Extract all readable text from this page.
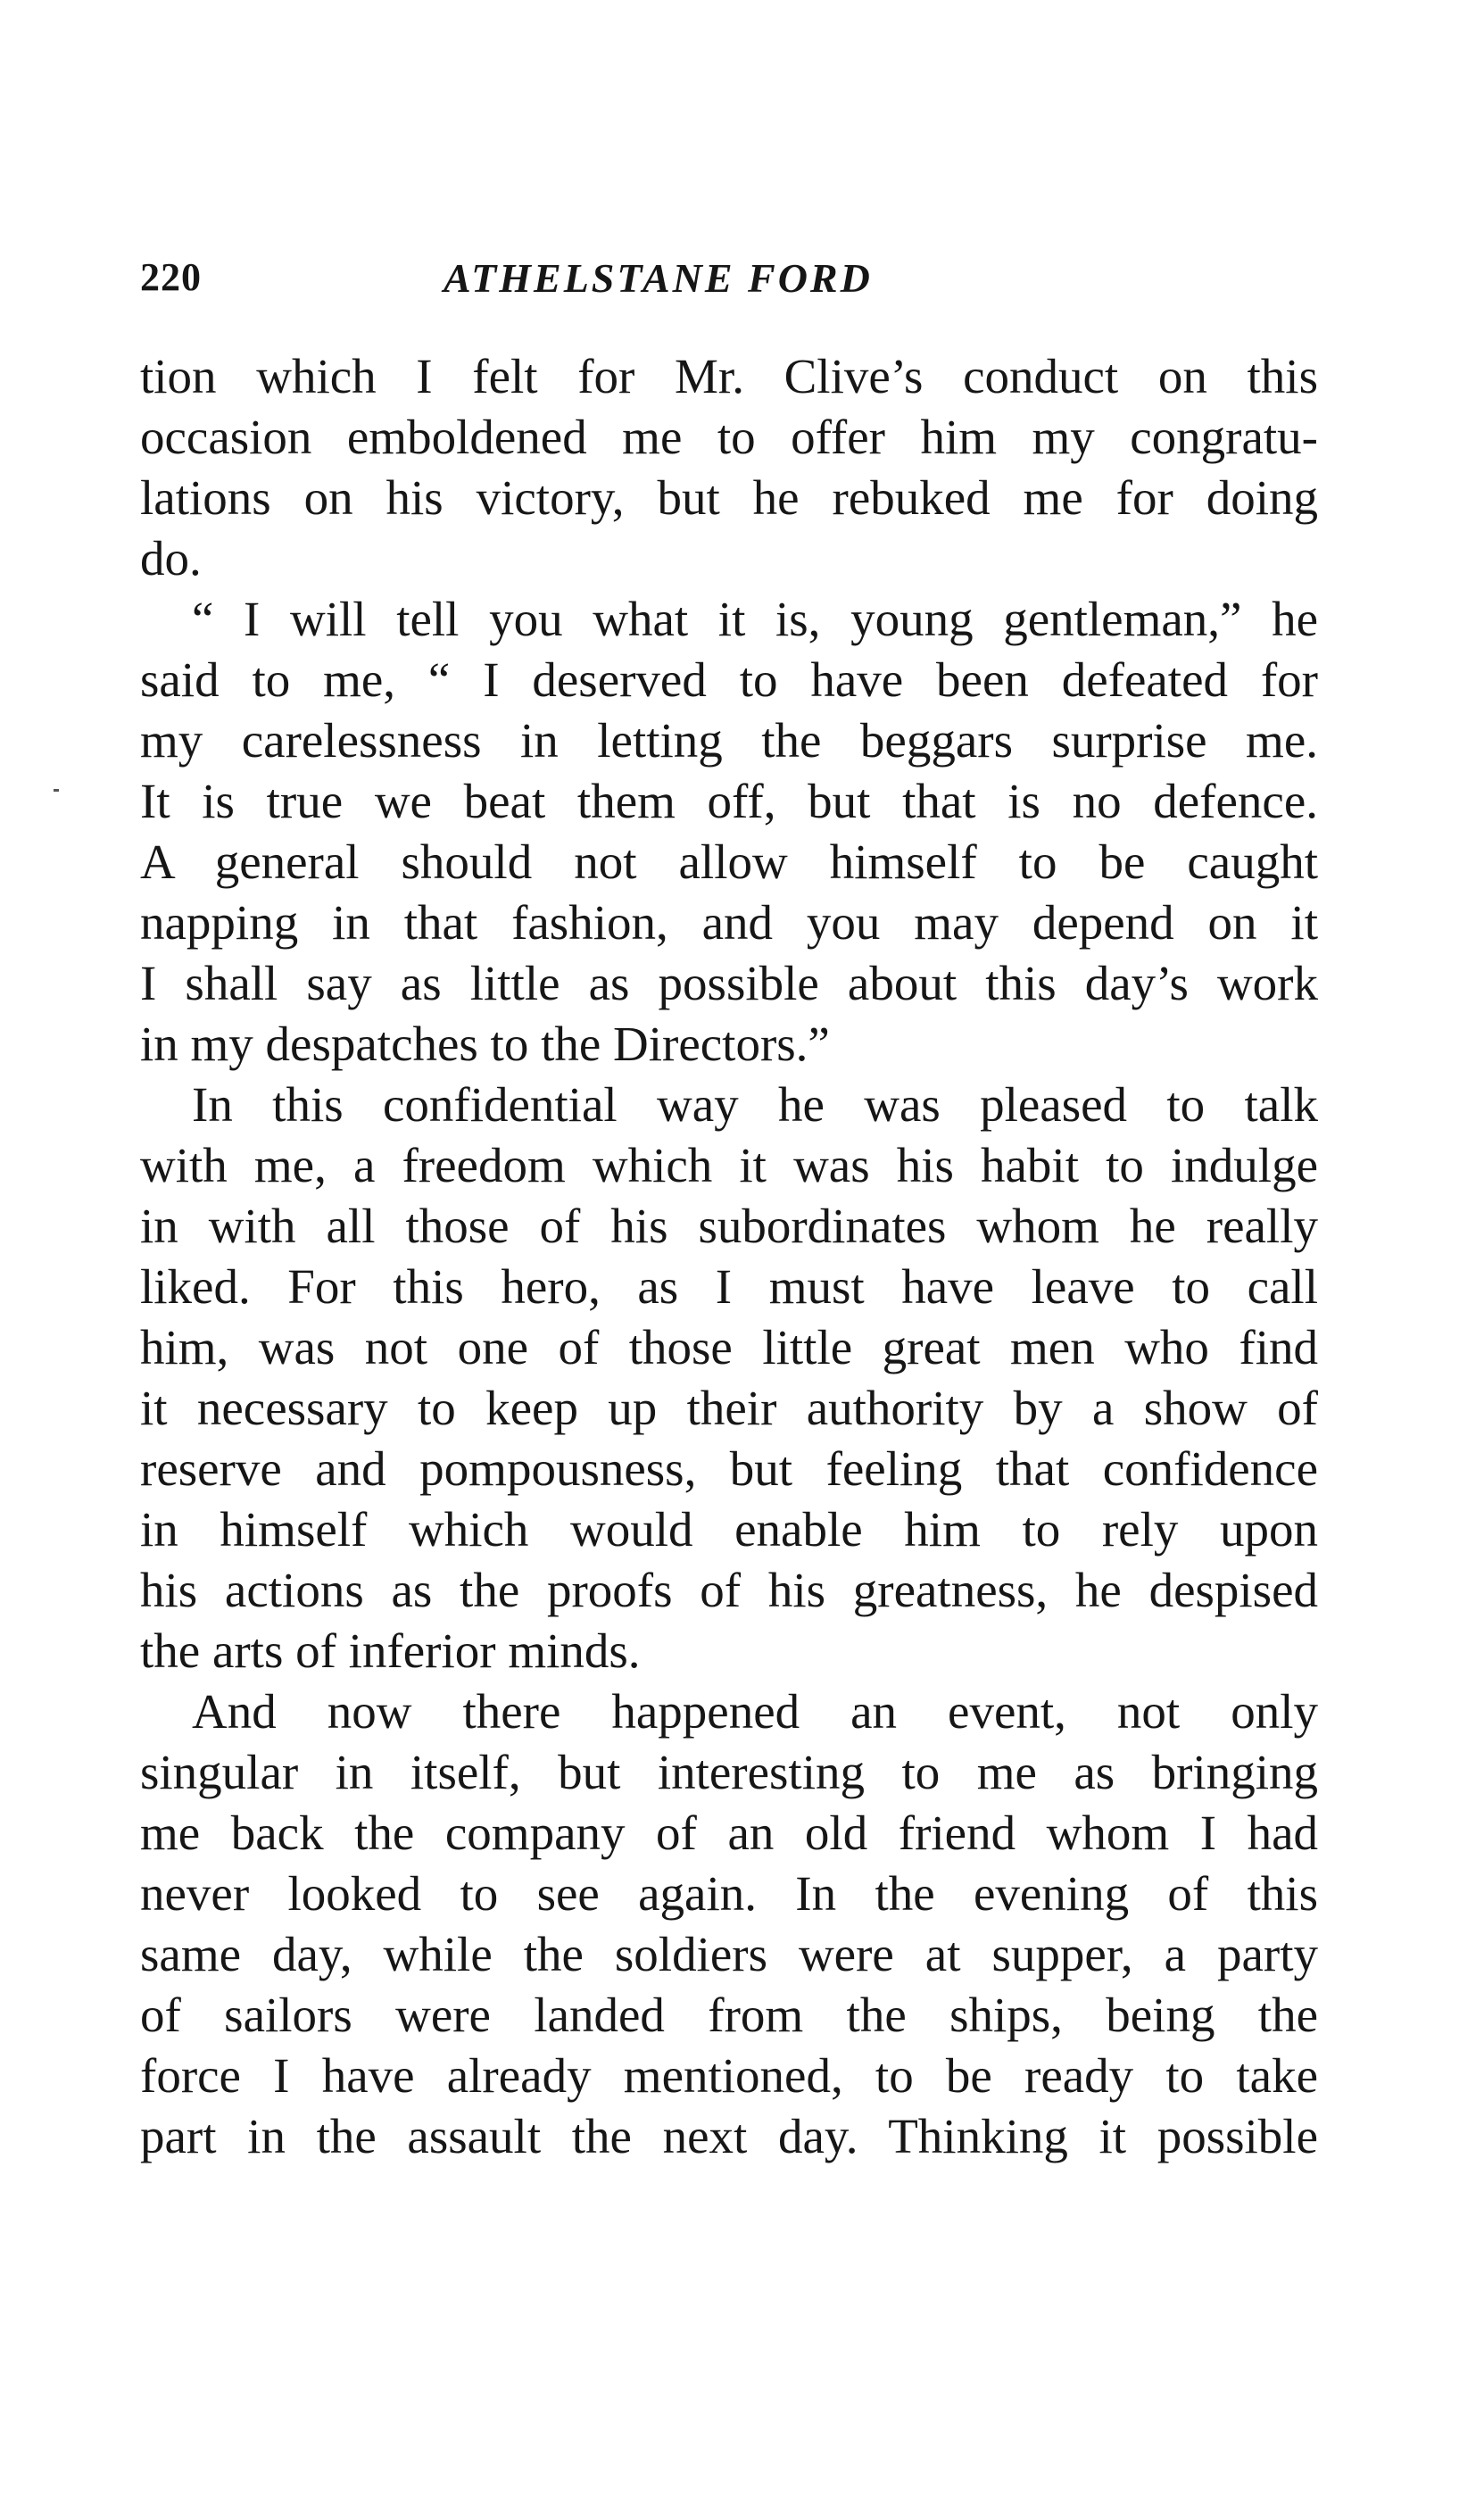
220	ATHELSTANE FORD
tion which I felt for Mr. Clive’s conduct on this
occasion emboldened me to offer him my congratu-
lations on his victory, but he rebuked me for doing
do.
“ I will tell you what it is, young gentleman,” he
said to me, “ I deserved to have been defeated for
my carelessness in letting the beggars surprise me.
It is true we beat them off, but that is no defence.
A general should not allow himself to be caught
napping in that fashion, and you may depend on it
I shall say as little as possible about this day’s work
in my despatches to the Directors.”
In this confidential way he was pleased to talk
with me, a freedom which it was his habit to indulge
in with all those of his subordinates whom he really
liked. For this hero, as I must have leave to call
him, was not one of those little great men who find
it necessary to keep up their authority by a show of
reserve and pompousness, but feeling that confidence
in himself which would enable him to rely upon
his actions as the proofs of his greatness, he despised
the arts of inferior minds.
And now there happened an event, not only
singular in itself, but interesting to me as bringing
me back the company of an old friend whom I had
never looked to see again. In the evening of this
same day, while the soldiers were at supper, a party
of sailors were landed from the ships, being the
force I have already mentioned, to be ready to take
part in the assault the next day. Thinking it possible
